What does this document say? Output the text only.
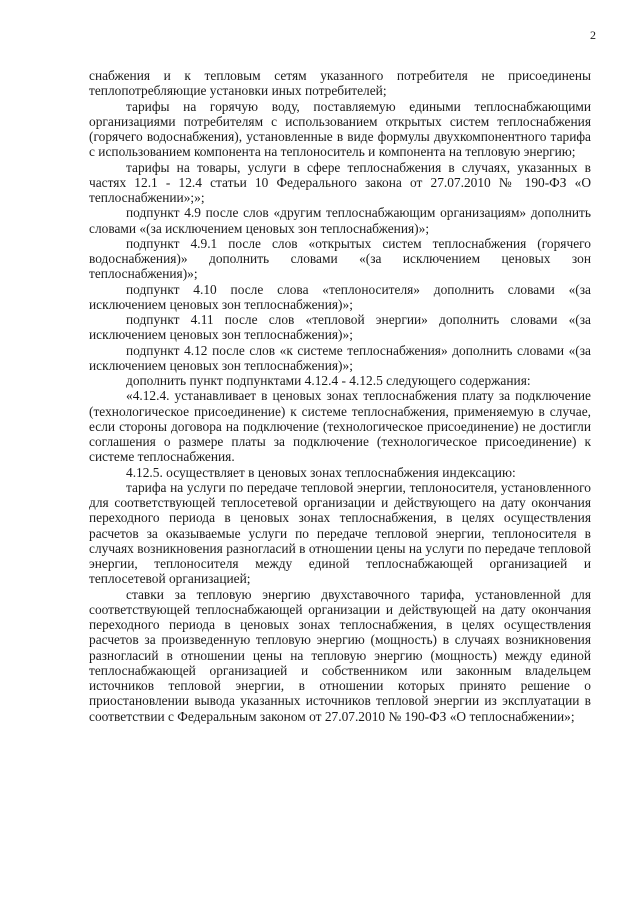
2

снабжения и к тепловым сетям указанного потребителя не присоединены теплопотребляющие установки иных потребителей;

тарифы на горячую воду, поставляемую едиными теплоснабжающими организациями потребителям с использованием открытых систем теплоснабжения (горячего водоснабжения), установленные в виде формулы двухкомпонентного тарифа с использованием компонента на теплоноситель и компонента на тепловую энергию;

тарифы на товары, услуги в сфере теплоснабжения в случаях, указанных в частях 12.1 - 12.4 статьи 10 Федерального закона от 27.07.2010 № 190-ФЗ «О теплоснабжении»;»;

подпункт 4.9 после слов «другим теплоснабжающим организациям» дополнить словами «(за исключением ценовых зон теплоснабжения)»;

подпункт 4.9.1 после слов «открытых систем теплоснабжения (горячего водоснабжения)» дополнить словами «(за исключением ценовых зон теплоснабжения)»;

подпункт 4.10 после слова «теплоносителя» дополнить словами «(за исключением ценовых зон теплоснабжения)»;

подпункт 4.11 после слов «тепловой энергии» дополнить словами «(за исключением ценовых зон теплоснабжения)»;

подпункт 4.12 после слов «к системе теплоснабжения» дополнить словами «(за исключением ценовых зон теплоснабжения)»;

дополнить пункт подпунктами 4.12.4 - 4.12.5 следующего содержания:

«4.12.4. устанавливает в ценовых зонах теплоснабжения плату за подключение (технологическое присоединение) к системе теплоснабжения, применяемую в случае, если стороны договора на подключение (технологическое присоединение) не достигли соглашения о размере платы за подключение (технологическое присоединение) к системе теплоснабжения.

4.12.5. осуществляет в ценовых зонах теплоснабжения индексацию:

тарифа на услуги по передаче тепловой энергии, теплоносителя, установленного для соответствующей теплосетевой организации и действующего на дату окончания переходного периода в ценовых зонах теплоснабжения, в целях осуществления расчетов за оказываемые услуги по передаче тепловой энергии, теплоносителя в случаях возникновения разногласий в отношении цены на услуги по передаче тепловой энергии, теплоносителя между единой теплоснабжающей организацией и теплосетевой организацией;

ставки за тепловую энергию двухставочного тарифа, установленной для соответствующей теплоснабжающей организации и действующей на дату окончания переходного периода в ценовых зонах теплоснабжения, в целях осуществления расчетов за произведенную тепловую энергию (мощность) в случаях возникновения разногласий в отношении цены на тепловую энергию (мощность) между единой теплоснабжающей организацией и собственником или законным владельцем источников тепловой энергии, в отношении которых принято решение о приостановлении вывода указанных источников тепловой энергии из эксплуатации в соответствии с Федеральным законом от 27.07.2010 № 190-ФЗ «О теплоснабжении»;
